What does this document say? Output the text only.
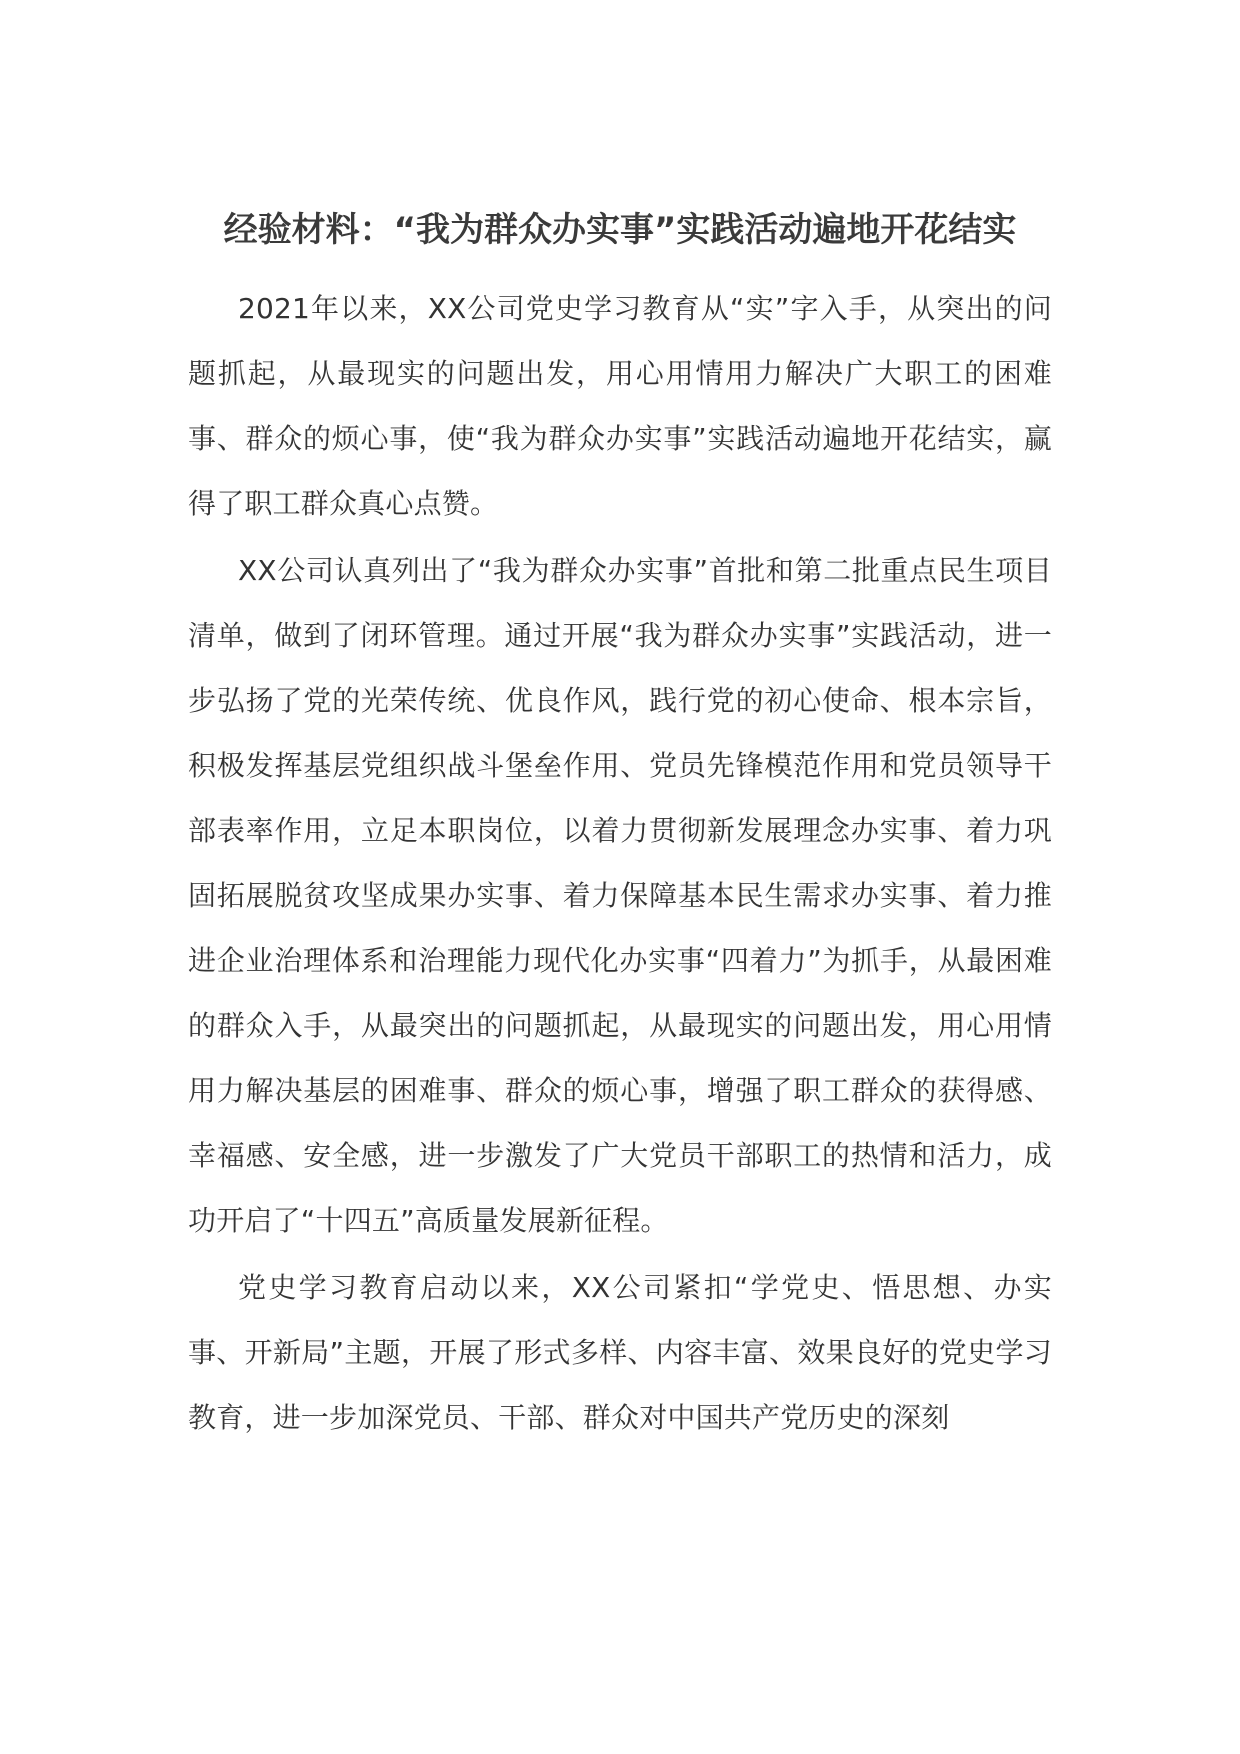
经验材料：“我为群众办实事”实践活动遍地开花结实

2021年以来，XX公司党史学习教育从“实”字入手，从突出的问题抓起，从最现实的问题出发，用心用情用力解决广大职工的困难事、群众的烦心事，使“我为群众办实事”实践活动遍地开花结实，赢得了职工群众真心点赞。

XX公司认真列出了“我为群众办实事”首批和第二批重点民生项目清单，做到了闭环管理。通过开展“我为群众办实事”实践活动，进一步弘扬了党的光荣传统、优良作风，践行党的初心使命、根本宗旨，积极发挥基层党组织战斗堡垒作用、党员先锋模范作用和党员领导干部表率作用，立足本职岗位，以着力贯彻新发展理念办实事、着力巩固拓展脱贫攻坚成果办实事、着力保障基本民生需求办实事、着力推进企业治理体系和治理能力现代化办实事“四着力”为抓手，从最困难的群众入手，从最突出的问题抓起，从最现实的问题出发，用心用情用力解决基层的困难事、群众的烦心事，增强了职工群众的获得感、幸福感、安全感，进一步激发了广大党员干部职工的热情和活力，成功开启了“十四五”高质量发展新征程。

党史学习教育启动以来，XX公司紧扣“学党史、悟思想、办实事、开新局”主题，开展了形式多样、内容丰富、效果良好的党史学习教育，进一步加深党员、干部、群众对中国共产党历史的深刻
